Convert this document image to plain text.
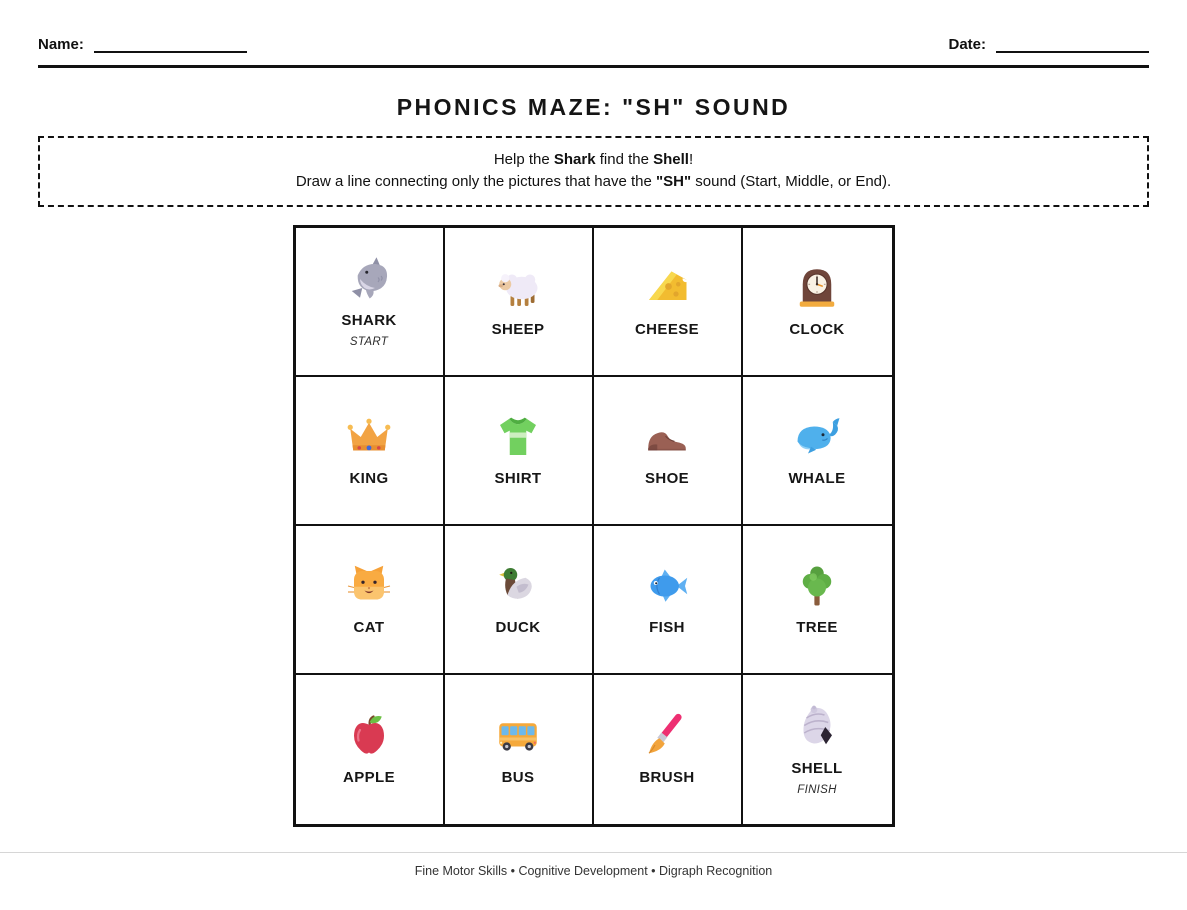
Name:	Date:
PHONICS MAZE: "SH" SOUND
Help the Shark find the Shell!
Draw a line connecting only the pictures that have the "SH" sound (Start, Middle, or End).
SHARK
START
SHEEP	CHEESE	CLOCK
KING	SHIRT	SHOE	WHALE
CAT	DUCK	FISH	TREE
APPLE	BUS	BRUSH
SHELL
FINISH
Fine Motor Skills • Cognitive Development • Digraph Recognition
